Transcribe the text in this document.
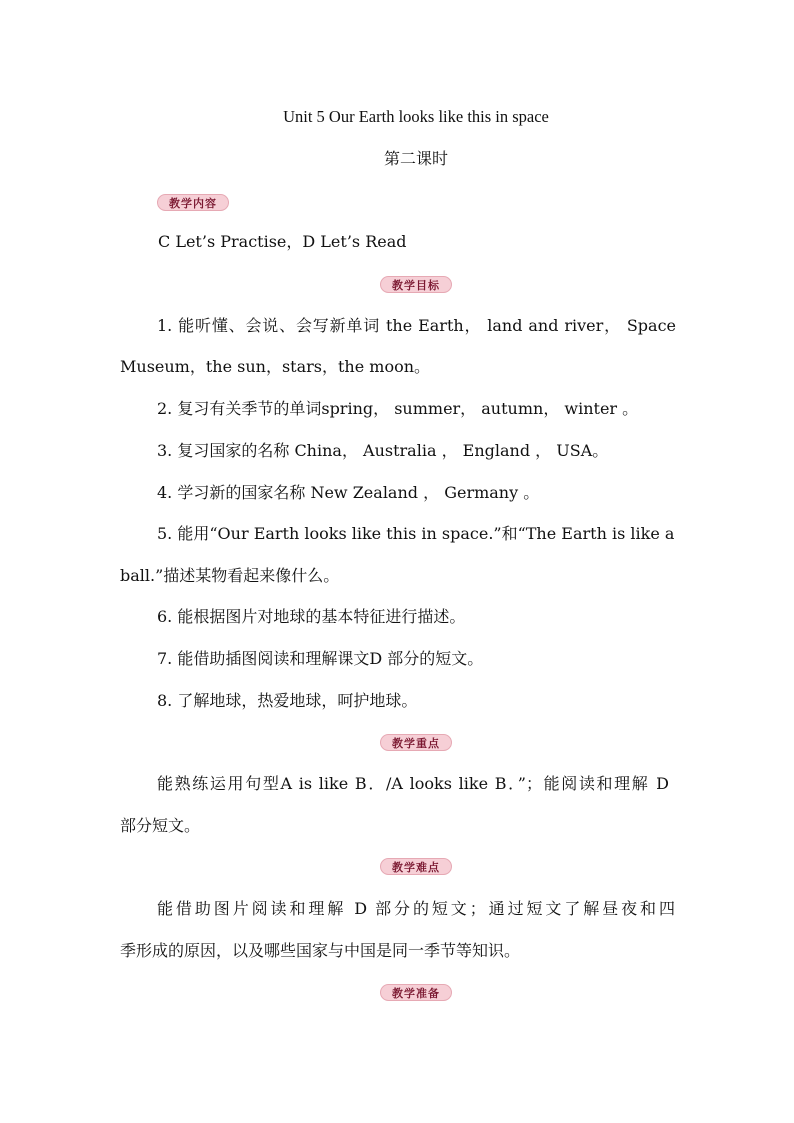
Unit 5 Our Earth looks like this in space
第二课时
教学内容
C Let’s Practise，D Let’s Read
教学目标
1. 能听懂、会说、会写新单词 the Earth， land and river， Space
Museum，the sun，stars，the moon。
2. 复习有关季节的单词spring， summer， autumn， winter 。
3. 复习国家的名称 China， Australia ， England ， USA。
4. 学习新的国家名称 New Zealand ， Germany 。
5. 能用“Our Earth looks like this in space.”和“The Earth is like a
ball.”描述某物看起来像什么。
6. 能根据图片对地球的基本特征进行描述。
7. 能借助插图阅读和理解课文D 部分的短文。
8. 了解地球，热爱地球，呵护地球。
教学重点
能熟练运用句型A is like B．/A looks like B．”；能阅读和理解 D
部分短文。
教学难点
能借助图片阅读和理解 D 部分的短文；通过短文了解昼夜和四
季形成的原因，以及哪些国家与中国是同一季节等知识。
教学准备
